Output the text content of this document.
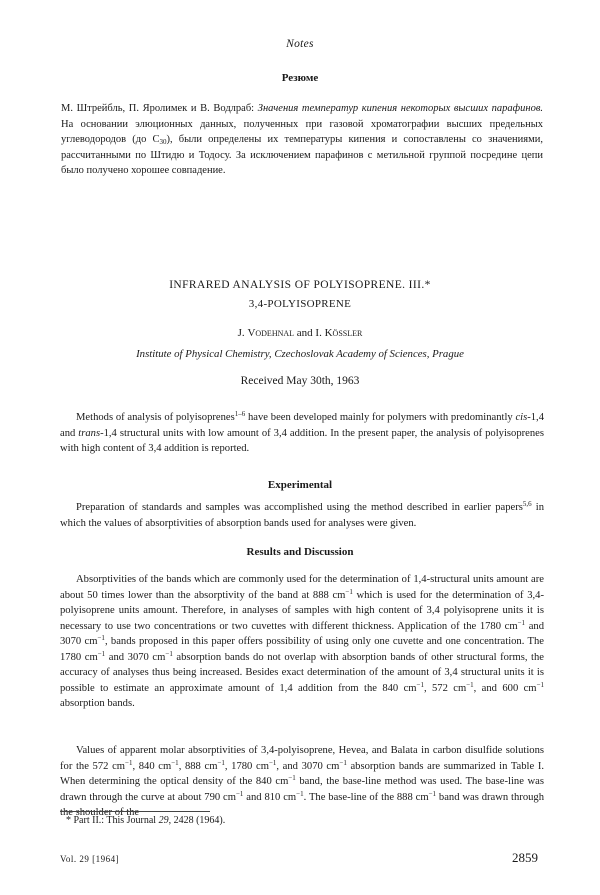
Notes
Резюме
М. Штрейбль, П. Яролимек и В. Водлраб: Значения температур кипения некоторых высших парафинов. На основании элюционных данных, полученных при газовой хроматографии высших предельных углеводородов (до $C_{30}$), были определены их температуры кипения и сопоставлены со значениями, рассчитанными по Штидю и Тодосу. За исключением парафинов с метильной группой посредине цепи было получено хорошее совпадение.
INFRARED ANALYSIS OF POLYISOPRENE. III.*
3,4-POLYISOPRENE
J. Vodehnal and I. Kössler
Institute of Physical Chemistry, Czechoslovak Academy of Sciences, Prague
Received May 30th, 1963
Methods of analysis of polyisoprenes$^{1-6}$ have been developed mainly for polymers with predominantly cis-1,4 and trans-1,4 structural units with low amount of 3,4 addition. In the present paper, the analysis of polyisoprenes with high content of 3,4 addition is reported.
Experimental
Preparation of standards and samples was accomplished using the method described in earlier papers$^{5,6}$ in which the values of absorptivities of absorption bands used for analyses were given.
Results and Discussion
Absorptivities of the bands which are commonly used for the determination of 1,4-structural units amount are about 50 times lower than the absorptivity of the band at 888 $cm^{-1}$ which is used for the determination of 3,4-polyisoprene units amount. Therefore, in analyses of samples with high content of 3,4 polyisoprene units it is necessary to use two concentrations or two cuvettes with different thickness. Application of the 1780 $cm^{-1}$ and 3070 $cm^{-1}$, bands proposed in this paper offers possibility of using only one cuvette and one concentration. The 1780 $cm^{-1}$ and 3070 $cm^{-1}$ absorption bands do not overlap with absorption bands of other structural forms, the accuracy of analyses thus being increased. Besides exact determination of the amount of 3,4 structural units it is possible to estimate an approximate amount of 1,4 addition from the 840 $cm^{-1}$, 572 $cm^{-1}$, and 600 $cm^{-1}$ absorption bands.
Values of apparent molar absorptivities of 3,4-polyisoprene, Hevea, and Balata in carbon disulfide solutions for the 572 $cm^{-1}$, 840 $cm^{-1}$, 888 $cm^{-1}$, 1780 $cm^{-1}$, and 3070 $cm^{-1}$ absorption bands are summarized in Table I. When determining the optical density of the 840 $cm^{-1}$ band, the base-line method was used. The base-line was drawn through the curve at about 790 $cm^{-1}$ and 810 $cm^{-1}$. The base-line of the 888 $cm^{-1}$ band was drawn through the shoulder of the
* Part II.: This Journal 29, 2428 (1964).
Vol. 29 [1964]	2859
